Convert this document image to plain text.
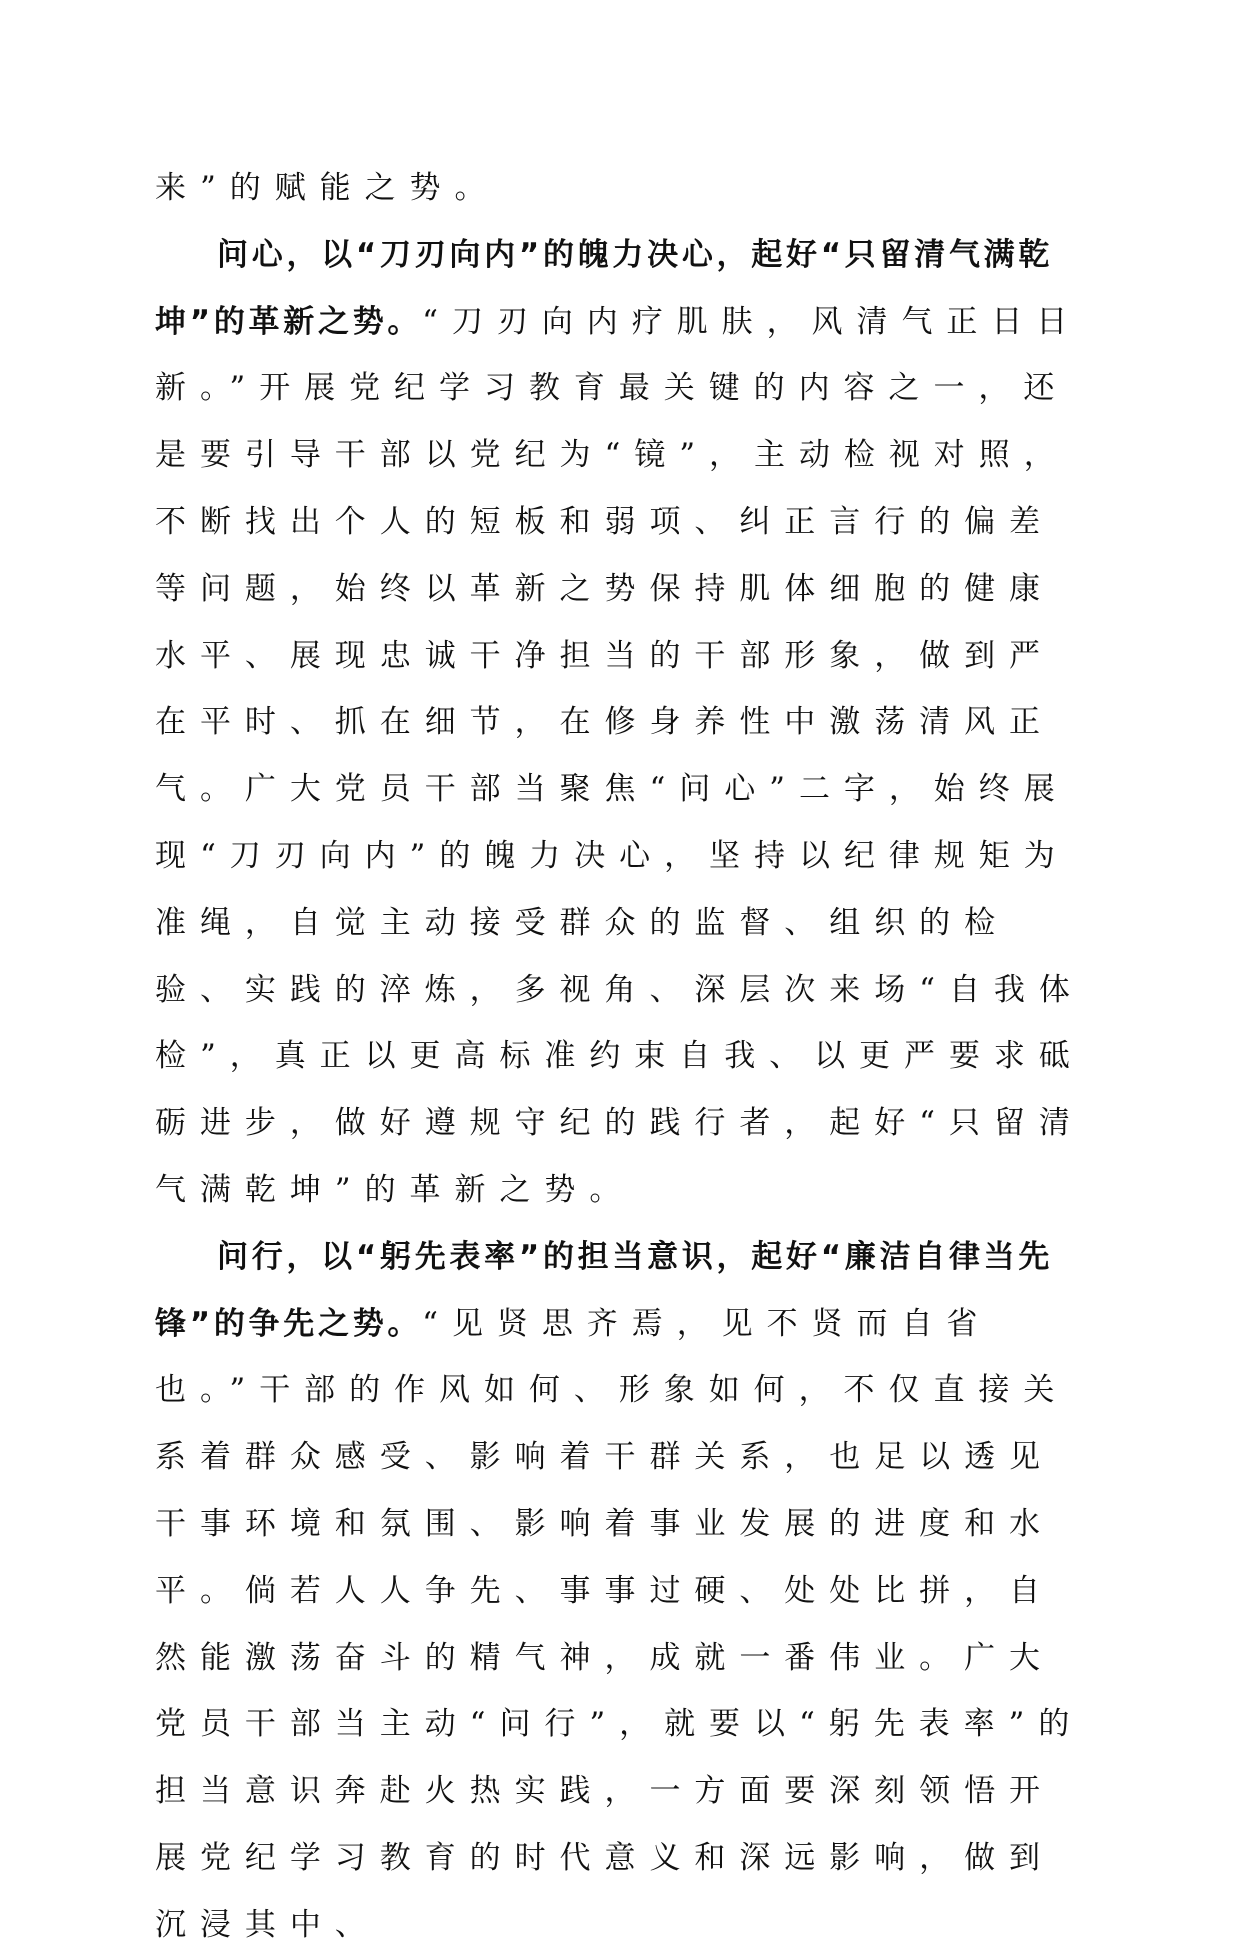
来”的赋能之势。

问心，以“刀刃向内”的魄力决心，起好“只留清气满乾坤”的革新之势。“刀刃向内疗肌肤，风清气正日日新。”开展党纪学习教育最关键的内容之一，还是要引导干部以党纪为“镜”，主动检视对照，不断找出个人的短板和弱项、纠正言行的偏差等问题，始终以革新之势保持肌体细胞的健康水平、展现忠诚干净担当的干部形象，做到严在平时、抓在细节，在修身养性中激荡清风正气。广大党员干部当聚焦“问心”二字，始终展现“刀刃向内”的魄力决心，坚持以纪律规矩为准绳，自觉主动接受群众的监督、组织的检验、实践的淬炼，多视角、深层次来场“自我体检”，真正以更高标准约束自我、以更严要求砥砺进步，做好遵规守纪的践行者，起好“只留清气满乾坤”的革新之势。

问行，以“躬先表率”的担当意识，起好“廉洁自律当先锋”的争先之势。“见贤思齐焉，见不贤而自省也。”干部的作风如何、形象如何，不仅直接关系着群众感受、影响着干群关系，也足以透见干事环境和氛围、影响着事业发展的进度和水平。倘若人人争先、事事过硬、处处比拼，自然能激荡奋斗的精气神，成就一番伟业。广大党员干部当主动“问行”，就要以“躬先表率”的担当意识奔赴火热实践，一方面要深刻领悟开展党纪学习教育的时代意义和深远影响，做到沉浸其中、
